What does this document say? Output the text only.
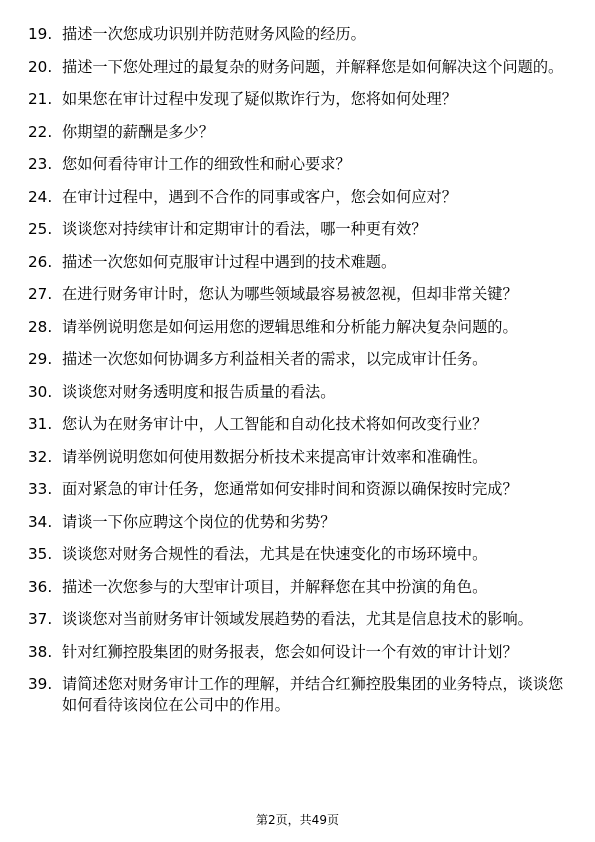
19. 描述一次您成功识别并防范财务风险的经历。
20. 描述一下您处理过的最复杂的财务问题，并解释您是如何解决这个问题的。
21. 如果您在审计过程中发现了疑似欺诈行为，您将如何处理？
22. 你期望的薪酬是多少？
23. 您如何看待审计工作的细致性和耐心要求？
24. 在审计过程中，遇到不合作的同事或客户，您会如何应对？
25. 谈谈您对持续审计和定期审计的看法，哪一种更有效？
26. 描述一次您如何克服审计过程中遇到的技术难题。
27. 在进行财务审计时，您认为哪些领域最容易被忽视，但却非常关键？
28. 请举例说明您是如何运用您的逻辑思维和分析能力解决复杂问题的。
29. 描述一次您如何协调多方利益相关者的需求，以完成审计任务。
30. 谈谈您对财务透明度和报告质量的看法。
31. 您认为在财务审计中，人工智能和自动化技术将如何改变行业？
32. 请举例说明您如何使用数据分析技术来提高审计效率和准确性。
33. 面对紧急的审计任务，您通常如何安排时间和资源以确保按时完成？
34. 请谈一下你应聘这个岗位的优势和劣势？
35. 谈谈您对财务合规性的看法，尤其是在快速变化的市场环境中。
36. 描述一次您参与的大型审计项目，并解释您在其中扮演的角色。
37. 谈谈您对当前财务审计领域发展趋势的看法，尤其是信息技术的影响。
38. 针对红狮控股集团的财务报表，您会如何设计一个有效的审计计划？
39. 请简述您对财务审计工作的理解，并结合红狮控股集团的业务特点，谈谈您如何看待该岗位在公司中的作用。
第2页，共49页
